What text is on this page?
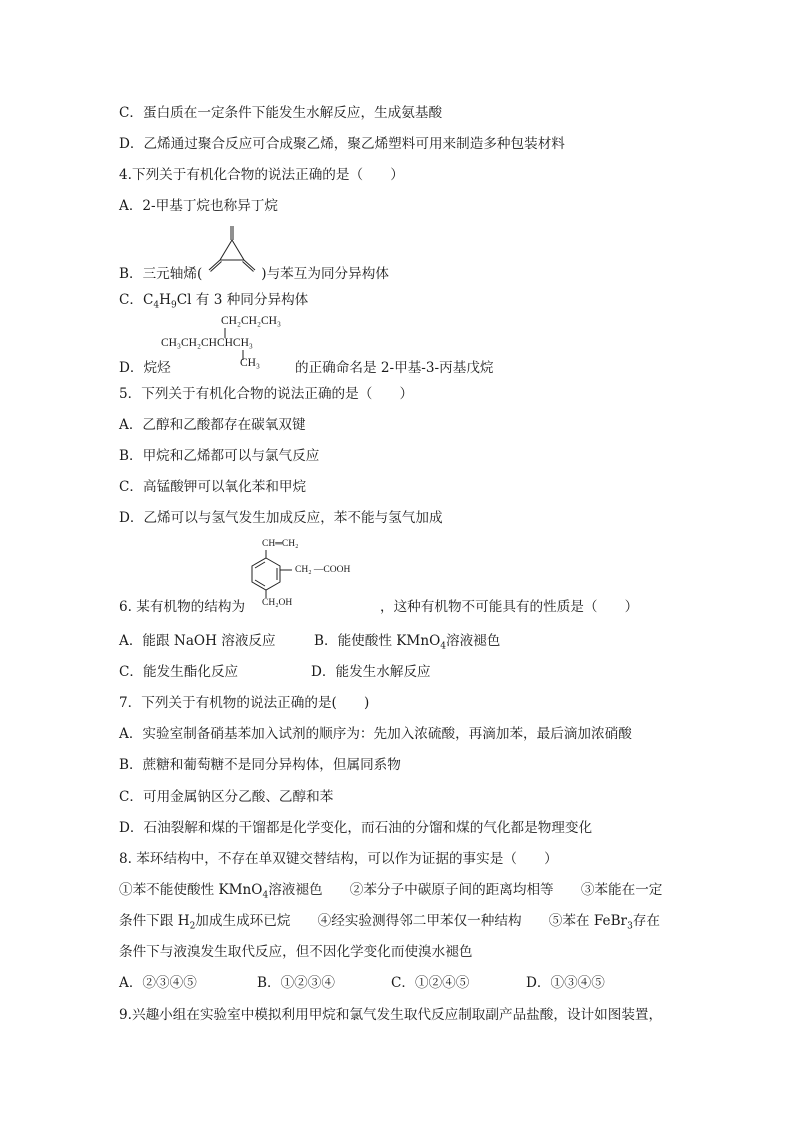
C．蛋白质在一定条件下能发生水解反应，生成氨基酸
D．乙烯通过聚合反应可合成聚乙烯，聚乙烯塑料可用来制造多种包装材料
4.下列关于有机化合物的说法正确的是（　　）
A．2-甲基丁烷也称异丁烷
B．三元轴烯(	)与苯互为同分异构体
C．$C_4H_9Cl$ 有 3 种同分异构体
CH₂CH₂CH₃
CH₃CH₂CHCHCH₃
CH₃
D．烷烃	的正确命名是 2-甲基-3-丙基戊烷
5．下列关于有机化合物的说法正确的是（　　）
A．乙醇和乙酸都存在碳氧双键
B．甲烷和乙烯都可以与氯气反应
C．高锰酸钾可以氧化苯和甲烷
D．乙烯可以与氢气发生加成反应，苯不能与氢气加成
CH═CH₂
CH₂ —COOH
CH₂OH
6. 某有机物的结构为	，这种有机物不可能具有的性质是（　　）
A．能跟 NaOH 溶液反应	B．能使酸性 KMnO$_4$溶液褪色
C．能发生酯化反应	D．能发生水解反应
7．下列关于有机物的说法正确的是(　　)
A．实验室制备硝基苯加入试剂的顺序为：先加入浓硫酸，再滴加苯，最后滴加浓硝酸
B．蔗糖和葡萄糖不是同分异构体，但属同系物
C．可用金属钠区分乙酸、乙醇和苯
D．石油裂解和煤的干馏都是化学变化，而石油的分馏和煤的气化都是物理变化
8. 苯环结构中，不存在单双键交替结构，可以作为证据的事实是（　　）
①苯不能使酸性 KMnO$_4$溶液褪色　　②苯分子中碳原子间的距离均相等　　③苯能在一定
条件下跟 $H_2$加成生成环已烷　　④经实验测得邻二甲苯仅一种结构　　⑤苯在 FeBr$_3$存在
条件下与液溴发生取代反应，但不因化学变化而使溴水褪色
A．②③④⑤	B．①②③④	C．①②④⑤	D．①③④⑤
9.兴趣小组在实验室中模拟利用甲烷和氯气发生取代反应制取副产品盐酸，设计如图装置，
